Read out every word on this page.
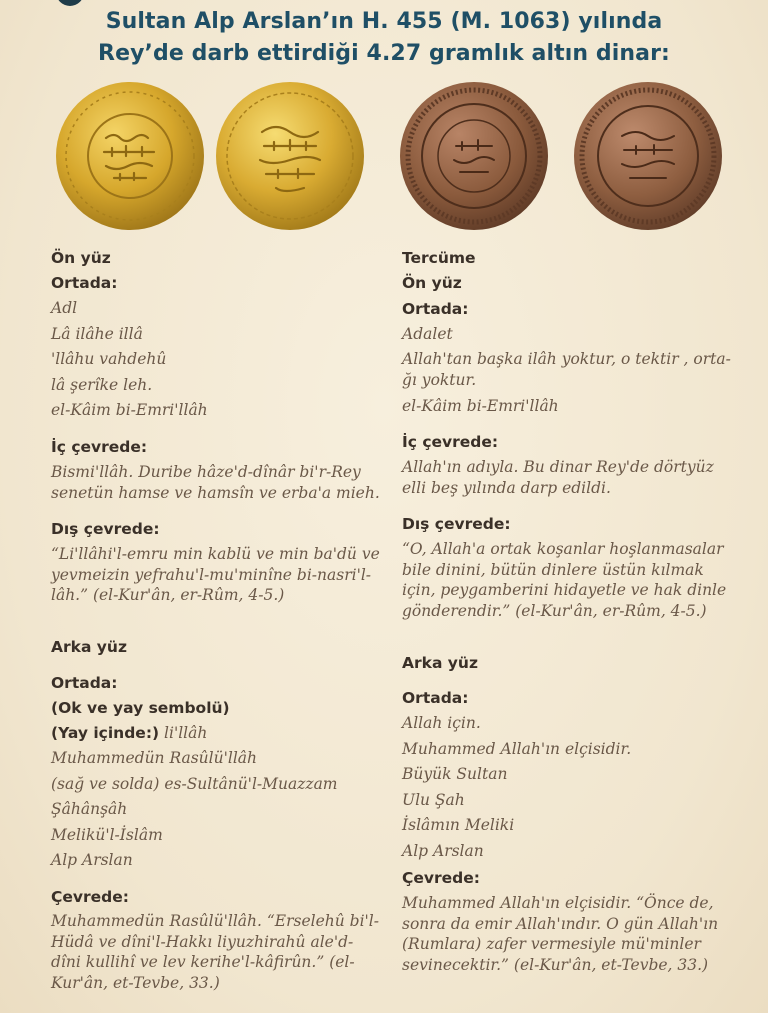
Sultan Alp Arslan’ın H. 455 (M. 1063) yılında
Rey’de darb ettirdiği 4.27 gramlık altın dinar:
Ön yüz
Ortada:
Adl
Lâ ilâhe illâ
'llâhu vahdehû
lâ şerîke leh.
el-Kâim bi-Emri'llâh
İç çevrede:
Bismi'llâh. Duribe hâze'd-dînâr bi'r-Rey senetün hamse ve hamsîn ve erba'a mieh.
Dış çevrede:
“Li'llâhi'l-emru min kablü ve min ba'dü ve yevmeizin yefrahu'l-mu'minîne bi-nasri'l-lâh.” (el-Kur'ân, er-Rûm, 4-5.)
Arka yüz
Ortada:
(Ok ve yay sembolü)
(Yay içinde:) li'llâh
Muhammedün Rasûlü'llâh
(sağ ve solda) es-Sultânü'l-Muazzam
Şâhânşâh
Melikü'l-İslâm
Alp Arslan
Çevrede:
Muhammedün Rasûlü'llâh. “Erselehû bi'l-Hüdâ ve dîni'l-Hakkı liyuzhirahû ale'd-dîni kullihî ve lev kerihe'l-kâfirûn.” (el-Kur'ân, et-Tevbe, 33.)
Tercüme
Ön yüz
Ortada:
Adalet
Allah'tan başka ilâh yoktur, o tektir , orta-
ğı yoktur.
el-Kâim bi-Emri'llâh
İç çevrede:
Allah'ın adıyla. Bu dinar Rey'de dörtyüz elli beş yılında darp edildi.
Dış çevrede:
“O, Allah'a ortak koşanlar hoşlanmasalar bile dinini, bütün dinlere üstün kılmak için, peygamberini hidayetle ve hak dinle gönderendir.” (el-Kur'ân, er-Rûm, 4-5.)
Arka yüz
Ortada:
Allah için.
Muhammed Allah'ın elçisidir.
Büyük Sultan
Ulu Şah
İslâmın Meliki
Alp Arslan
Çevrede:
Muhammed Allah'ın elçisidir. “Önce de, sonra da emir Allah'ındır. O gün Allah'ın (Rumlara) zafer vermesiyle mü'minler sevinecektir.” (el-Kur'ân, et-Tevbe, 33.)
